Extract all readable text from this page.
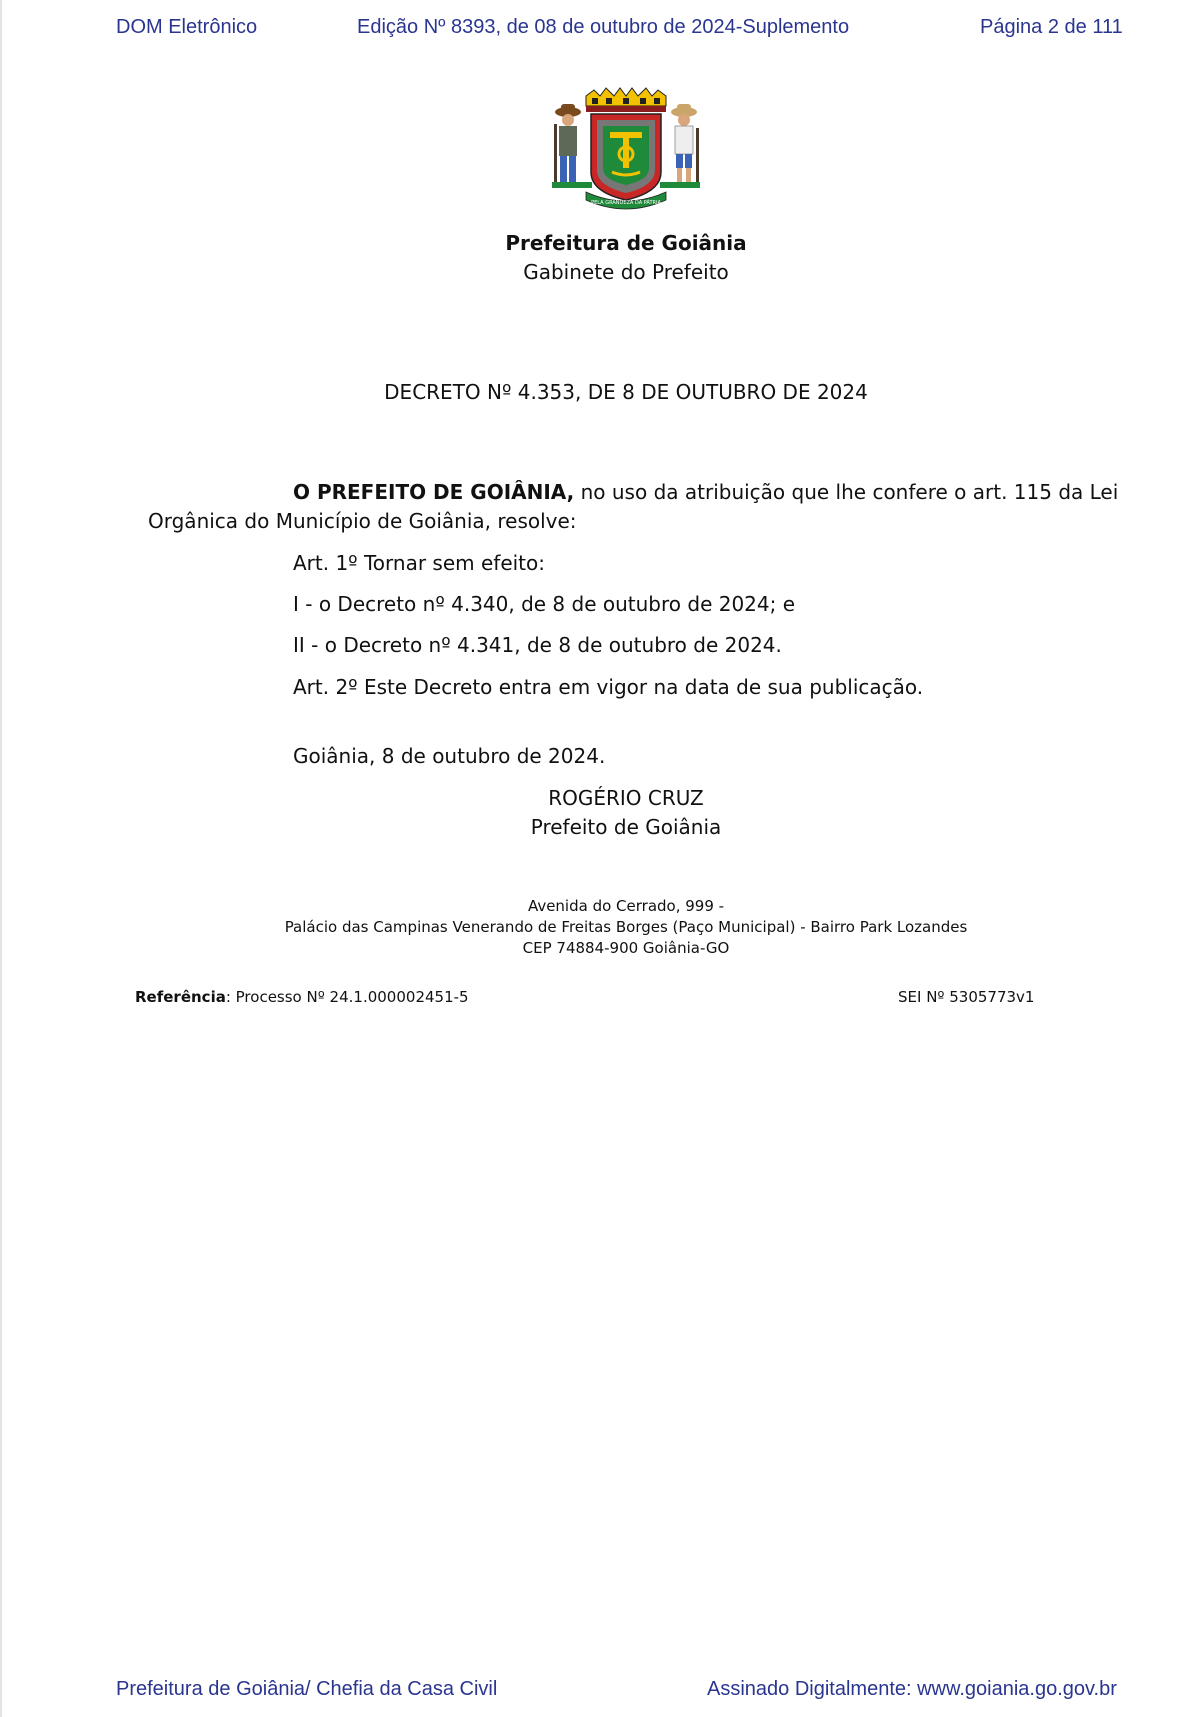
DOM Eletrônico	Edição Nº 8393, de 08 de outubro de 2024-Suplemento	Página 2 de 111
PELA GRANDEZA DA PÁTRIA
Prefeitura de Goiânia
Gabinete do Prefeito
DECRETO Nº 4.353, DE 8 DE OUTUBRO DE 2024
O PREFEITO DE GOIÂNIA, no uso da atribuição que lhe confere o art. 115 da Lei
Orgânica do Município de Goiânia, resolve:
Art. 1º Tornar sem efeito:
I - o Decreto nº 4.340, de 8 de outubro de 2024; e
II - o Decreto nº 4.341, de 8 de outubro de 2024.
Art. 2º Este Decreto entra em vigor na data de sua publicação.
Goiânia, 8 de outubro de 2024.
ROGÉRIO CRUZ
Prefeito de Goiânia
Avenida do Cerrado, 999 -
Palácio das Campinas Venerando de Freitas Borges (Paço Municipal) - Bairro Park Lozandes
CEP 74884-900 Goiânia-GO
Referência: Processo Nº 24.1.000002451-5	SEI Nº 5305773v1
Prefeitura de Goiânia/ Chefia da Casa Civil	Assinado Digitalmente: www.goiania.go.gov.br
